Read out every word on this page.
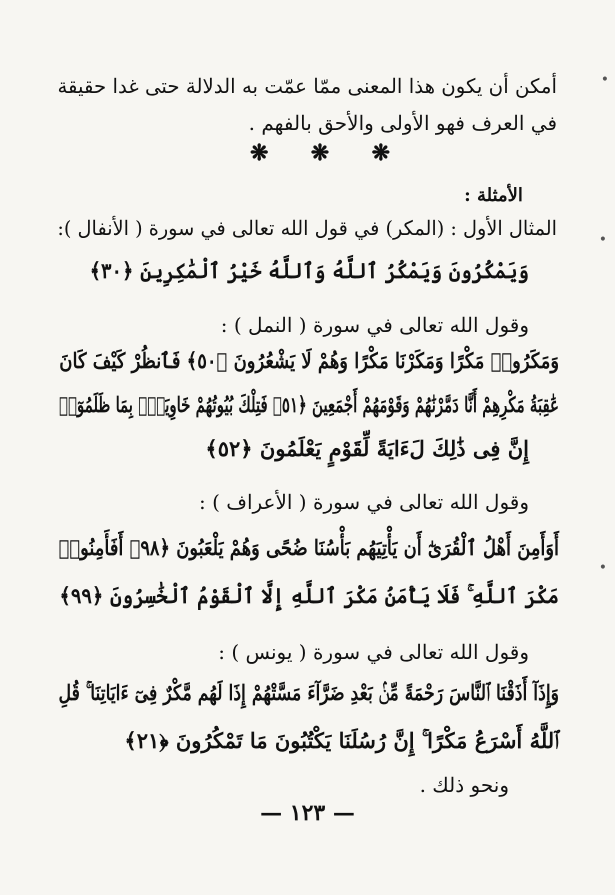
أمكن أن يكون هذا المعنى ممّا عمّت به الدلالة حتى غدا حقيقة
في العرف فهو الأولى والأحق بالفهم .
❋ ❋ ❋
الأمثلة :
المثال الأول : (المكر) في قول الله تعالى في سورة ( الأنفال ):
وَيَمْكُرُونَ وَيَمْكُرُ ٱللَّهُ وَٱللَّهُ خَيْرُ ٱلْمَٰكِرِينَ ﴿٣٠﴾
وقول الله تعالى في سورة ( النمل ) :
وَمَكَرُوا۟ مَكْرًا وَمَكَرْنَا مَكْرًا وَهُمْ لَا يَشْعُرُونَ ﴿٥٠﴾ فَٱنظُرْ كَيْفَ كَانَ
عَٰقِبَةُ مَكْرِهِمْ أَنَّا دَمَّرْنَٰهُمْ وَقَوْمَهُمْ أَجْمَعِينَ ﴿٥١﴾ فَتِلْكَ بُيُوتُهُمْ خَاوِيَةًۢ بِمَا ظَلَمُوٓا۟
إِنَّ فِى ذَٰلِكَ لَءَايَةً لِّقَوْمٍ يَعْلَمُونَ ﴿٥٢﴾
وقول الله تعالى في سورة ( الأعراف ) :
أَوَأَمِنَ أَهْلُ ٱلْقُرَىٰٓ أَن يَأْتِيَهُم بَأْسُنَا ضُحًى وَهُمْ يَلْعَبُونَ ﴿٩٨﴾ أَفَأَمِنُوا۟
مَكْرَ ٱللَّهِ ۚ فَلَا يَأْمَنُ مَكْرَ ٱللَّهِ إِلَّا ٱلْقَوْمُ ٱلْخَٰسِرُونَ ﴿٩٩﴾
وقول الله تعالى في سورة ( يونس ) :
وَإِذَآ أَذَقْنَا ٱلنَّاسَ رَحْمَةً مِّنۢ بَعْدِ ضَرَّآءَ مَسَّتْهُمْ إِذَا لَهُم مَّكْرٌ فِىٓ ءَايَاتِنَا ۚ قُلِ
ٱللَّهُ أَسْرَعُ مَكْرًا ۚ إِنَّ رُسُلَنَا يَكْتُبُونَ مَا تَمْكُرُونَ ﴿٢١﴾
ونحو ذلك .
— ١٢٣ —
•
•
•
